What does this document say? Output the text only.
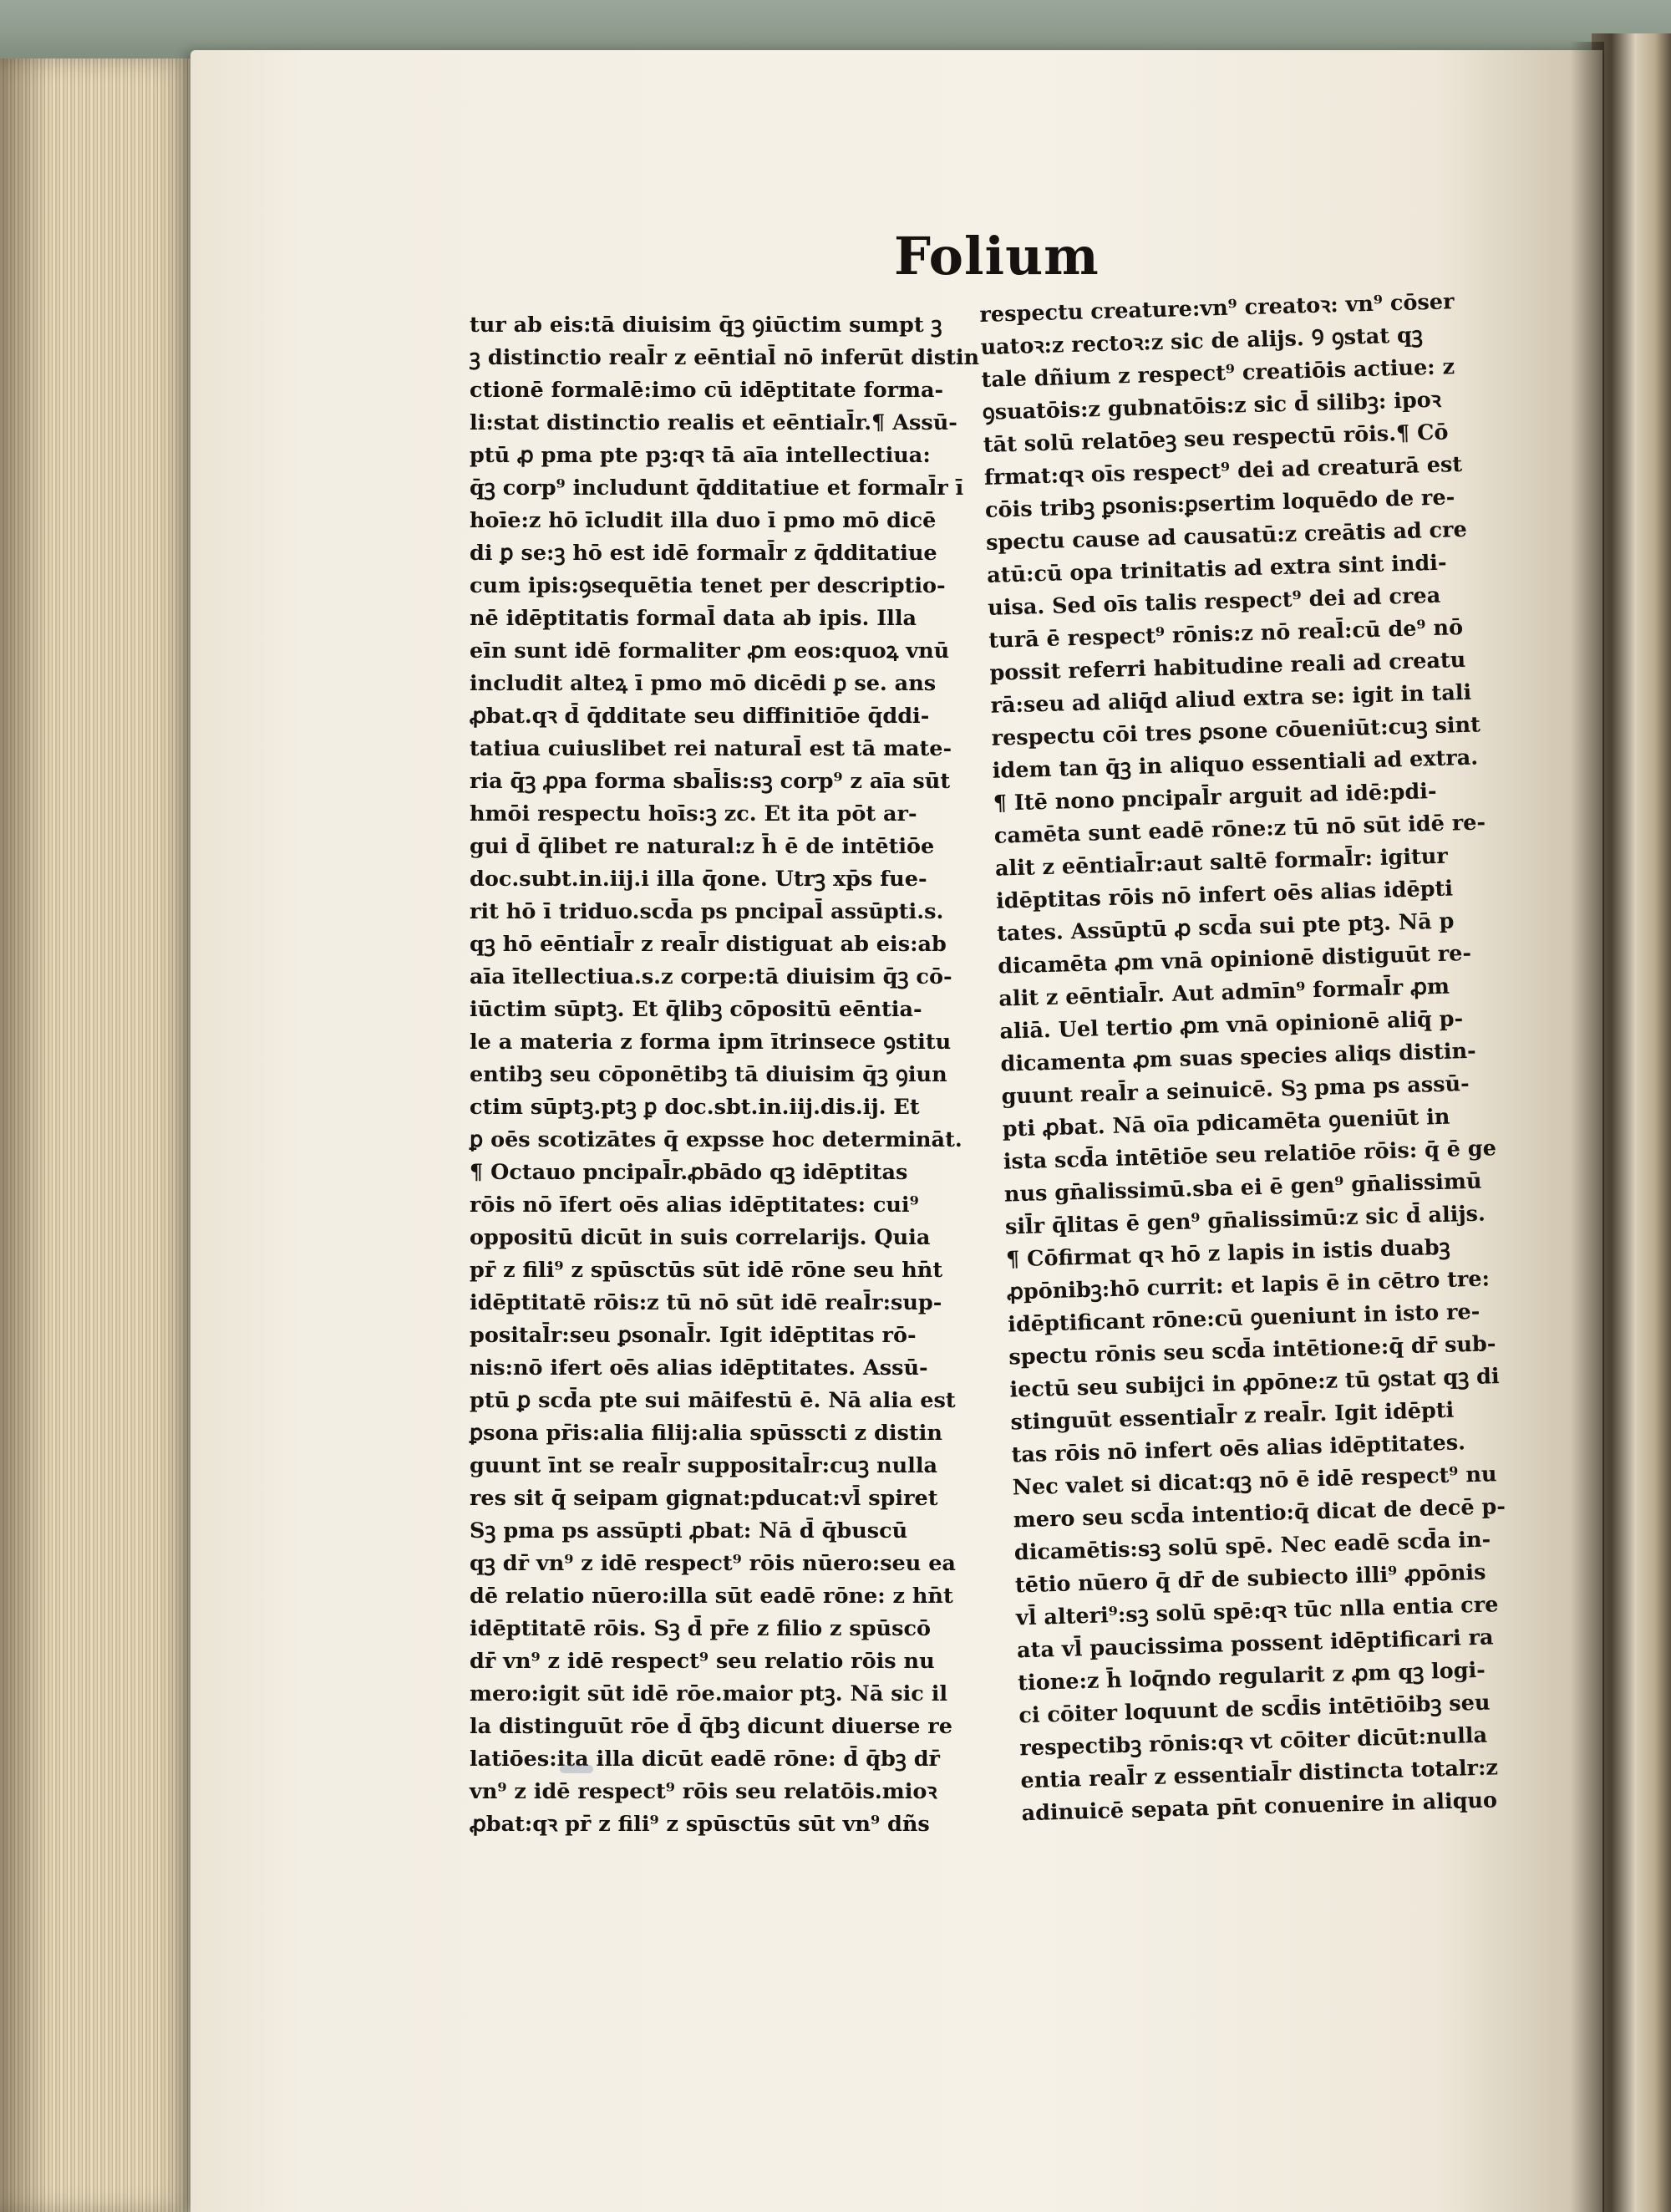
Folium
tur ab eis:tā diuisim q̄ꝫ ꝯiūctim sumpt ꝫ
ꝫ distinctio real̄r z eēntial̄ nō inferūt distin
ctionē formalē:imo cū idēptitate forma-
li:stat distinctio realis et eēntial̄r.¶ Assū-
ptū ꝓ pma pte pꝫ:qꝛ tā aīa intellectiua:
q̄ꝫ corp⁹ includunt q̄dditatiue et formal̄r ī
hoīe:z hō īcludit illa duo ī pmo mō dicē
di ꝑ se:ꝫ hō est idē formal̄r z q̄dditatiue
cum ipis:ꝯsequētia tenet per descriptio-
nē idēptitatis formal̄ data ab ipis. Illa
eīn sunt idē formaliter ꝓm eos:quoꝝ vnū
includit alteꝝ ī pmo mō dicēdi ꝑ se. ans
ꝓbat.qꝛ d̄ q̄dditate seu diffinitiōe q̄ddi-
tatiua cuiuslibet rei natural̄ est tā mate-
ria q̄ꝫ ꝓpa forma sbal̄is:sꝫ corp⁹ z aīa sūt
hmōi respectu hoīs:ꝫ zc. Et ita pōt ar-
gui d̄ q̄libet re natural:z h̄ ē de intētiōe
doc.subt.in.iij.i illa q̄one. Utrꝫ xp̄s fue-
rit hō ī triduo.scd̄a ps pncipal̄ assūpti.s.
qꝫ hō eēntial̄r z real̄r distiguat ab eis:ab
aīa ītellectiua.s.z corpe:tā diuisim q̄ꝫ cō-
iūctim sūptꝫ. Et q̄libꝫ cōpositū eēntia-
le a materia z forma ipm ītrinsece ꝯstitu
entibꝫ seu cōponētibꝫ tā diuisim q̄ꝫ ꝯiun
ctim sūptꝫ.ptꝫ ꝑ doc.sbt.in.iij.dis.ij. Et
ꝑ oēs scotizātes q̄ expsse hoc determināt.
¶ Octauo pncipal̄r.ꝓbādo qꝫ idēptitas
rōis nō īfert oēs alias idēptitates: cui⁹
oppositū dicūt in suis correlarijs. Quia
pr̄ z fili⁹ z spūsctūs sūt idē rōne seu hn̄t
idēptitatē rōis:z tū nō sūt idē real̄r:sup-
posital̄r:seu ꝑsonal̄r. Igit idēptitas rō-
nis:nō ifert oēs alias idēptitates. Assū-
ptū ꝑ scd̄a pte sui māifestū ē. Nā alia est
ꝑsona pr̄is:alia filij:alia spūsscti z distin
guunt īnt se real̄r supposital̄r:cuꝫ nulla
res sit q̄ seipam gignat:pducat:vl̄ spiret
Sꝫ pma ps assūpti ꝓbat: Nā d̄ q̄buscū
qꝫ dr̄ vn⁹ z idē respect⁹ rōis nūero:seu ea
dē relatio nūero:illa sūt eadē rōne: z hn̄t
idēptitatē rōis. Sꝫ d̄ pr̄e z filio z spūscō
dr̄ vn⁹ z idē respect⁹ seu relatio rōis nu
mero:igit sūt idē rōe.maior ptꝫ. Nā sic il
la distinguūt rōe d̄ q̄bꝫ dicunt diuerse re
latiōes:ita illa dicūt eadē rōne: d̄ q̄bꝫ dr̄
vn⁹ z idē respect⁹ rōis seu relatōis.mioꝛ
ꝓbat:qꝛ pr̄ z fili⁹ z spūsctūs sūt vn⁹ dñs
respectu creature:vn⁹ creatoꝛ: vn⁹ cōser
uatoꝛ:z rectoꝛ:z sic de alijs. Ꝯ ꝯstat qꝫ
tale dñium z respect⁹ creatiōis actiue: z
ꝯsuatōis:z gubnatōis:z sic d̄ silibꝫ: ipoꝛ
tāt solū relatōeꝫ seu respectū rōis.¶ Cō
frmat:qꝛ oīs respect⁹ dei ad creaturā est
cōis tribꝫ ꝑsonis:ꝑsertim loquēdo de re-
spectu cause ad causatū:z creātis ad cre
atū:cū opa trinitatis ad extra sint indi-
uisa. Sed oīs talis respect⁹ dei ad crea
turā ē respect⁹ rōnis:z nō real̄:cū de⁹ nō
possit referri habitudine reali ad creatu
rā:seu ad aliq̄d aliud extra se: igit in tali
respectu cōi tres ꝑsone cōueniūt:cuꝫ sint
idem tan q̄ꝫ in aliquo essentiali ad extra.
¶ Itē nono pncipal̄r arguit ad idē:pdi-
camēta sunt eadē rōne:z tū nō sūt idē re-
alit z eēntial̄r:aut saltē formal̄r: igitur
idēptitas rōis nō infert oēs alias idēpti
tates. Assūptū ꝓ scd̄a sui pte ptꝫ. Nā p
dicamēta ꝓm vnā opinionē distiguūt re-
alit z eēntial̄r. Aut admīn⁹ formal̄r ꝓm
aliā. Uel tertio ꝓm vnā opinionē aliq̄ p-
dicamenta ꝓm suas species aliqs distin-
guunt real̄r a seinuicē. Sꝫ pma ps assū-
pti ꝓbat. Nā oīa pdicamēta ꝯueniūt in
ista scd̄a intētiōe seu relatiōe rōis: q̄ ē ge
nus gn̄alissimū.sba ei ē gen⁹ gn̄alissimū
sil̄r q̄litas ē gen⁹ gn̄alissimū:z sic d̄ alijs.
¶ Cōfirmat qꝛ hō z lapis in istis duabꝫ
ꝓpōnibꝫ:hō currit: et lapis ē in cētro tre:
idēptificant rōne:cū ꝯueniunt in isto re-
spectu rōnis seu scd̄a intētione:q̄ dr̄ sub-
iectū seu subijci in ꝓpōne:z tū ꝯstat qꝫ di
stinguūt essential̄r z real̄r. Igit idēpti
tas rōis nō infert oēs alias idēptitates.
Nec valet si dicat:qꝫ nō ē idē respect⁹ nu
mero seu scd̄a intentio:q̄ dicat de decē p-
dicamētis:sꝫ solū spē. Nec eadē scd̄a in-
tētio nūero q̄ dr̄ de subiecto illi⁹ ꝓpōnis
vl̄ alteri⁹:sꝫ solū spē:qꝛ tūc nlla entia cre
ata vl̄ paucissima possent idēptificari ra
tione:z h̄ loq̄ndo regularit z ꝓm qꝫ logi-
ci cōiter loquunt de scd̄is intētiōibꝫ seu
respectibꝫ rōnis:qꝛ vt cōiter dicūt:nulla
entia real̄r z essential̄r distincta totalr:z
adinuicē sepata pn̄t conuenire in aliquo
